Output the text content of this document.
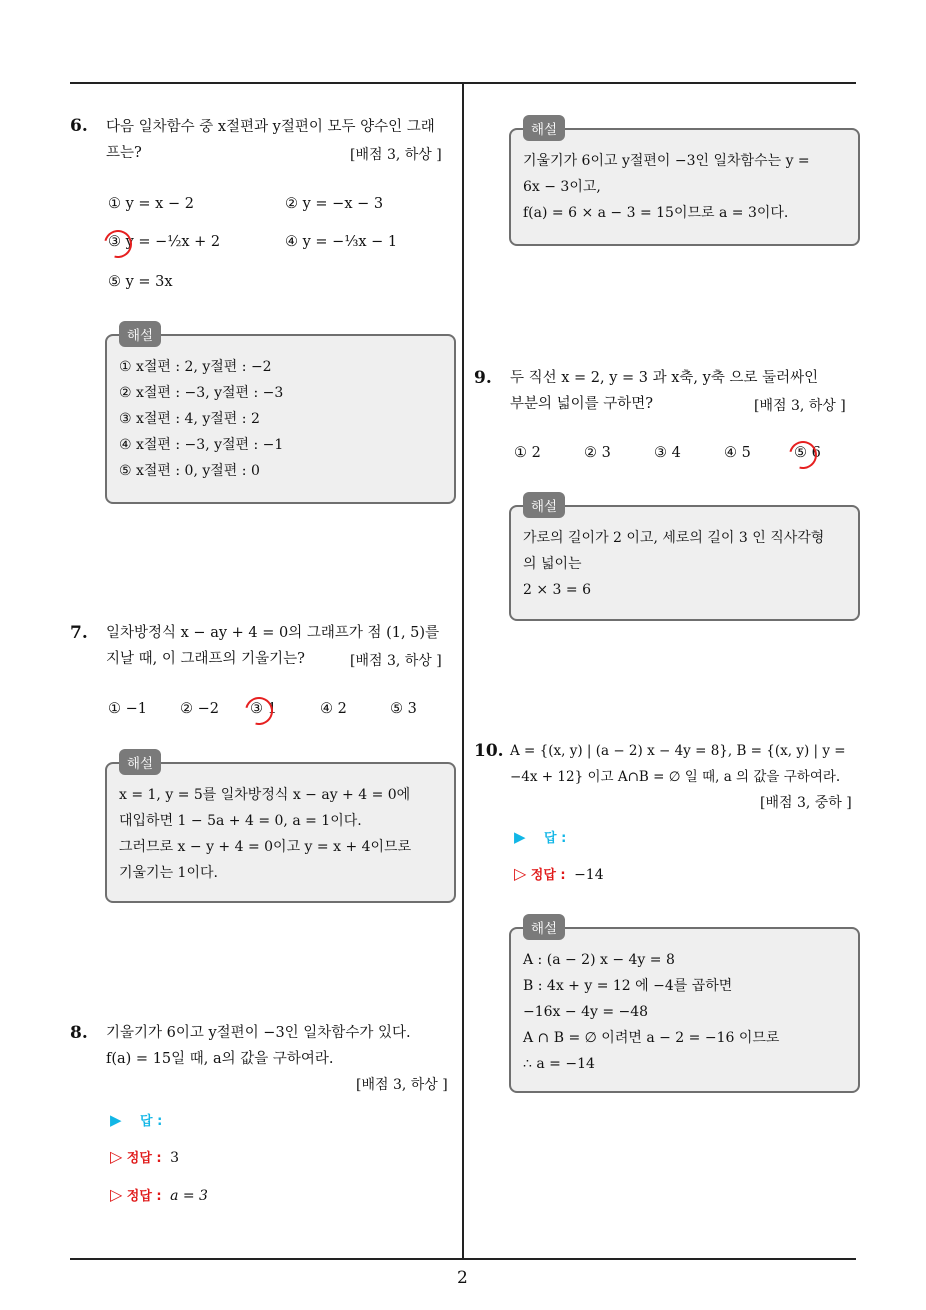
6. 다음 일차함수 중 x절편과 y절편이 모두 양수인 그래
프는?	[배점 3, 하상 ]
① y = x − 2	② y = −x − 3
③ y = −½x + 2	④ y = −⅓x − 1
⑤ y = 3x
해설
① x절편 : 2, y절편 : −2
② x절편 : −3, y절편 : −3
③ x절편 : 4, y절편 : 2
④ x절편 : −3, y절편 : −1
⑤ x절편 : 0, y절편 : 0
7. 일차방정식 x − ay + 4 = 0의 그래프가 점 (1, 5)를
지날 때, 이 그래프의 기울기는?	[배점 3, 하상 ]
① −1 ② −2 ③ 1	④ 2	⑤ 3
해설
x = 1, y = 5를 일차방정식 x − ay + 4 = 0에
대입하면 1 − 5a + 4 = 0, a = 1이다.
그러므로 x − y + 4 = 0이고 y = x + 4이므로
기울기는 1이다.
8. 기울기가 6이고 y절편이 −3인 일차함수가 있다.
f(a) = 15일 때, a의 값을 구하여라.
[배점 3, 하상 ]
▶ 답 :
▷ 정답 : 3
▷ 정답 : a = 3
해설
기울기가 6이고 y절편이 −3인 일차함수는 y =
6x − 3이고,
f(a) = 6 × a − 3 = 15이므로 a = 3이다.
9. 두 직선 x = 2, y = 3 과 x축, y축 으로 둘러싸인
부분의 넓이를 구하면?	[배점 3, 하상 ]
① 2	② 3	③ 4	④ 5	⑤ 6
해설
가로의 길이가 2 이고, 세로의 길이 3 인 직사각형
의 넓이는
2 × 3 = 6
10. A = {(x, y) | (a − 2) x − 4y = 8}, B = {(x, y) | y =
−4x + 12} 이고 A∩B = ∅ 일 때, a 의 값을 구하여라.
[배점 3, 중하 ]
▶ 답 :
▷ 정답 : −14
해설
A : (a − 2) x − 4y = 8
B : 4x + y = 12 에 −4를 곱하면
−16x − 4y = −48
A ∩ B = ∅ 이려면 a − 2 = −16 이므로
∴ a = −14
2
